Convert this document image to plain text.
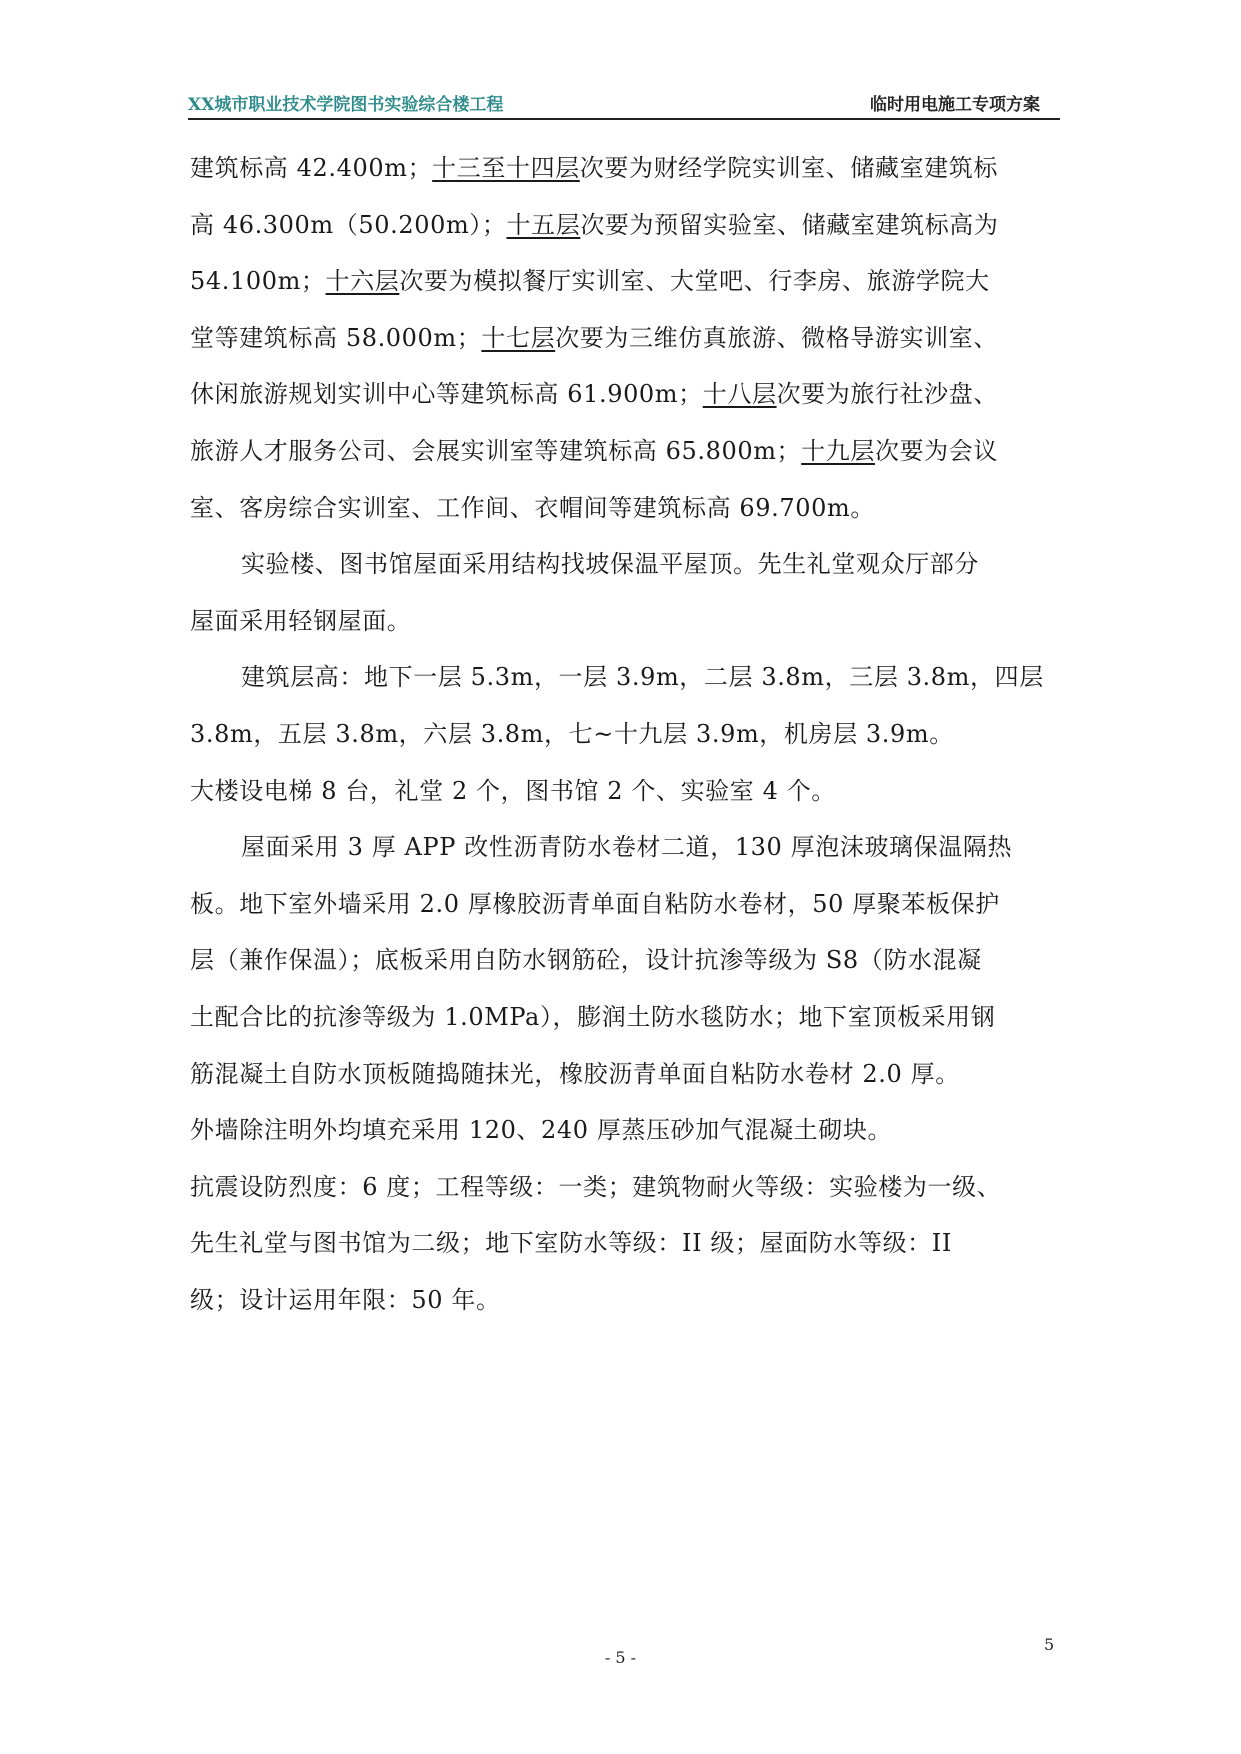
XX城市职业技术学院图书实验综合楼工程	临时用电施工专项方案

建筑标高 42.400m；十三至十四层次要为财经学院实训室、储藏室建筑标

高 46.300m（50.200m）；十五层次要为预留实验室、储藏室建筑标高为

54.100m；十六层次要为模拟餐厅实训室、大堂吧、行李房、旅游学院大

堂等建筑标高 58.000m；十七层次要为三维仿真旅游、微格导游实训室、

休闲旅游规划实训中心等建筑标高 61.900m；十八层次要为旅行社沙盘、

旅游人才服务公司、会展实训室等建筑标高 65.800m；十九层次要为会议

室、客房综合实训室、工作间、衣帽间等建筑标高 69.700m。

实验楼、图书馆屋面采用结构找坡保温平屋顶。先生礼堂观众厅部分

屋面采用轻钢屋面。

建筑层高：地下一层 5.3m，一层 3.9m，二层 3.8m，三层 3.8m，四层

3.8m，五层 3.8m，六层 3.8m，七~十九层 3.9m，机房层 3.9m。

大楼设电梯 8 台，礼堂 2 个，图书馆 2 个、实验室 4 个。

屋面采用 3 厚 APP 改性沥青防水卷材二道，130 厚泡沫玻璃保温隔热

板。地下室外墙采用 2.0 厚橡胶沥青单面自粘防水卷材，50 厚聚苯板保护

层（兼作保温）；底板采用自防水钢筋砼，设计抗渗等级为 S8（防水混凝

土配合比的抗渗等级为 1.0MPa），膨润土防水毯防水；地下室顶板采用钢

筋混凝土自防水顶板随捣随抹光，橡胶沥青单面自粘防水卷材 2.0 厚。

外墙除注明外均填充采用 120、240 厚蒸压砂加气混凝土砌块。

抗震设防烈度：6 度；工程等级：一类；建筑物耐火等级：实验楼为一级、

先生礼堂与图书馆为二级；地下室防水等级：II 级；屋面防水等级：II

级；设计运用年限：50 年。

- 5 -
5
